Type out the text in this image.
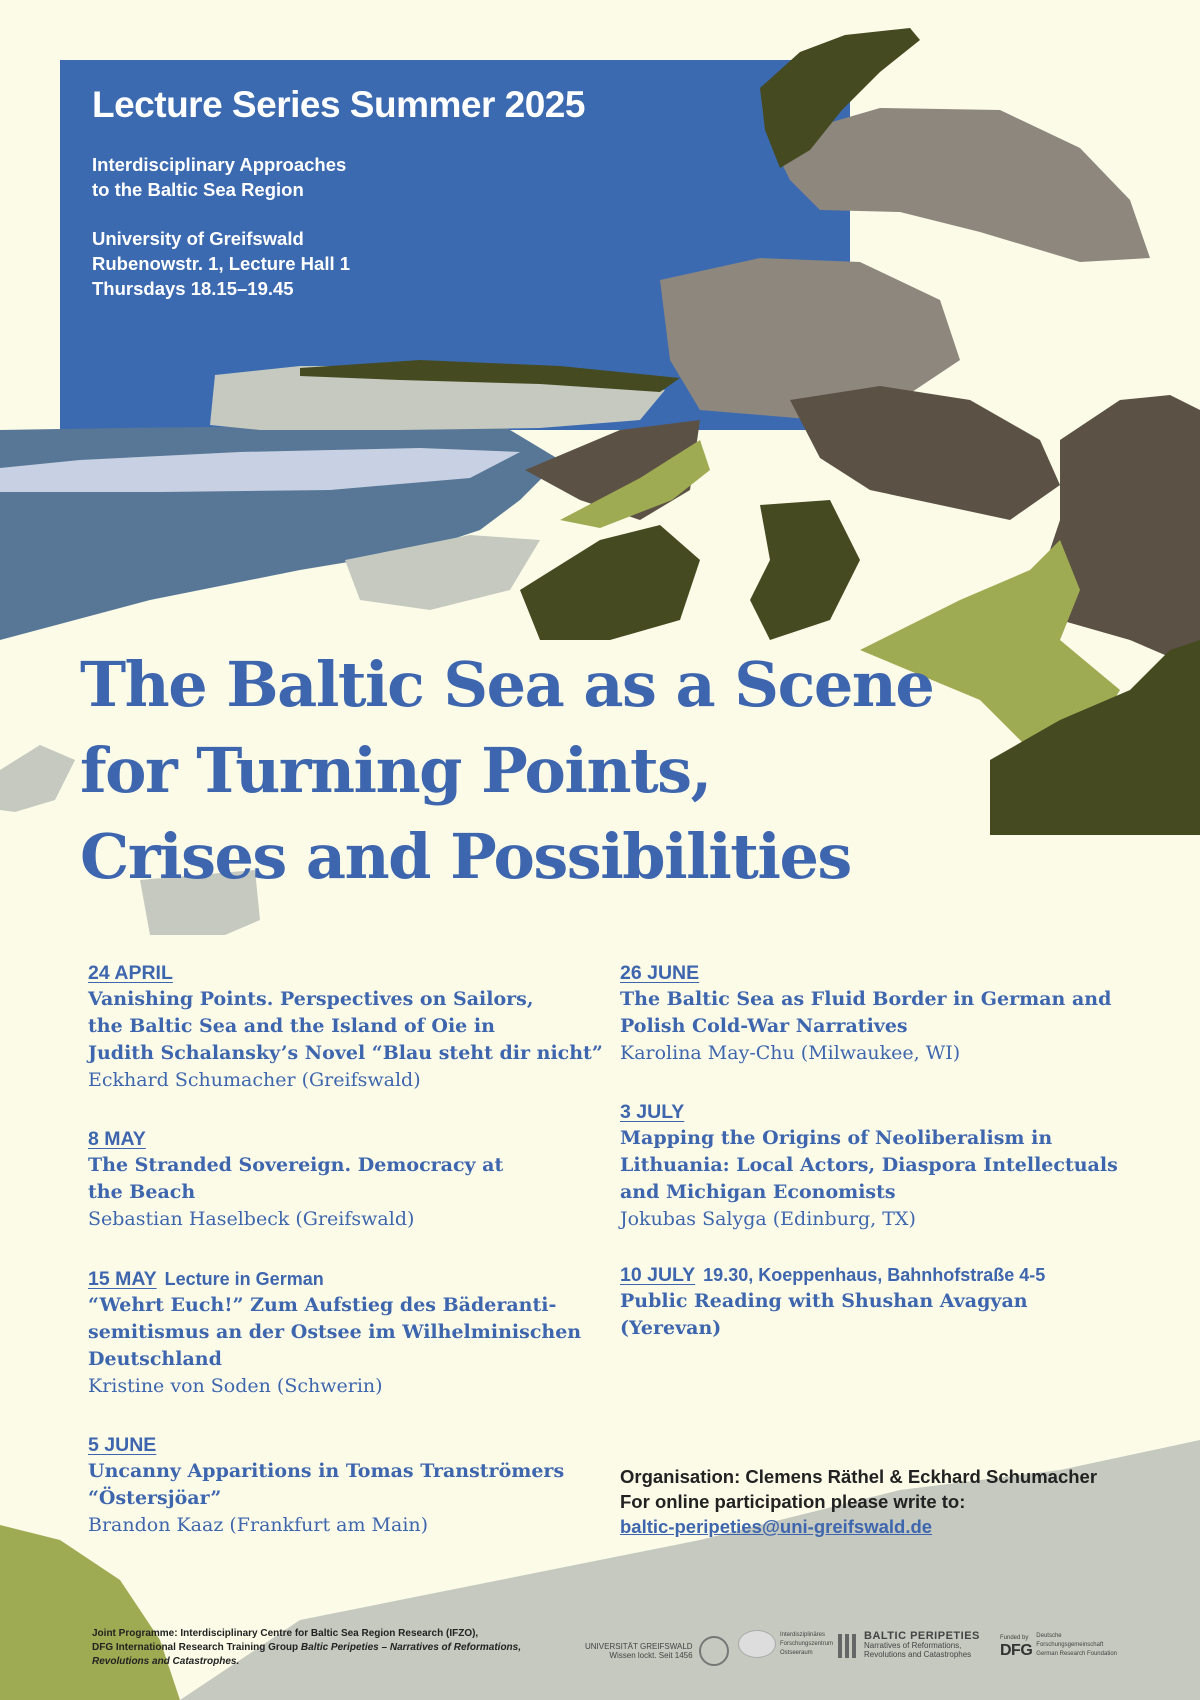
Lecture Series Summer 2025
Interdisciplinary Approaches
to the Baltic Sea Region
University of Greifswald
Rubenowstr. 1, Lecture Hall 1
Thursdays 18.15–19.45
The Baltic Sea as a Scene
for Turning Points,
Crises and Possibilities
24 APRIL
Vanishing Points. Perspectives on Sailors,
the Baltic Sea and the Island of Oie in
Judith Schalansky’s Novel “Blau steht dir nicht”
Eckhard Schumacher (Greifswald)
8 MAY
The Stranded Sovereign. Democracy at
the Beach
Sebastian Haselbeck (Greifswald)
15 MAY Lecture in German
“Wehrt Euch!” Zum Aufstieg des Bäderanti-
semitismus an der Ostsee im Wilhelminischen
Deutschland
Kristine von Soden (Schwerin)
5 JUNE
Uncanny Apparitions in Tomas Tranströmers
“Östersjöar”
Brandon Kaaz (Frankfurt am Main)
26 JUNE
The Baltic Sea as Fluid Border in German and
Polish Cold-War Narratives
Karolina May-Chu (Milwaukee, WI)
3 JULY
Mapping the Origins of Neoliberalism in
Lithuania: Local Actors, Diaspora Intellectuals
and Michigan Economists
Jokubas Salyga (Edinburg, TX)
10 JULY 19.30, Koeppenhaus, Bahnhofstraße 4-5
Public Reading with Shushan Avagyan
(Yerevan)
Organisation: Clemens Räthel & Eckhard Schumacher
For online participation please write to:
baltic-peripeties@uni-greifswald.de
Joint Programme: Interdisciplinary Centre for Baltic Sea Region Research (IFZO),
DFG International Research Training Group Baltic Peripeties – Narratives of Reformations,
Revolutions and Catastrophes.
UNIVERSITÄT GREIFSWALD
Wissen lockt. Seit 1456
Interdisziplinäres
Forschungszentrum
Ostseeraum
BALTIC PERIPETIES
Narratives of Reformations,
Revolutions and Catastrophes
Funded by
DFG
Deutsche
Forschungsgemeinschaft
German Research Foundation
